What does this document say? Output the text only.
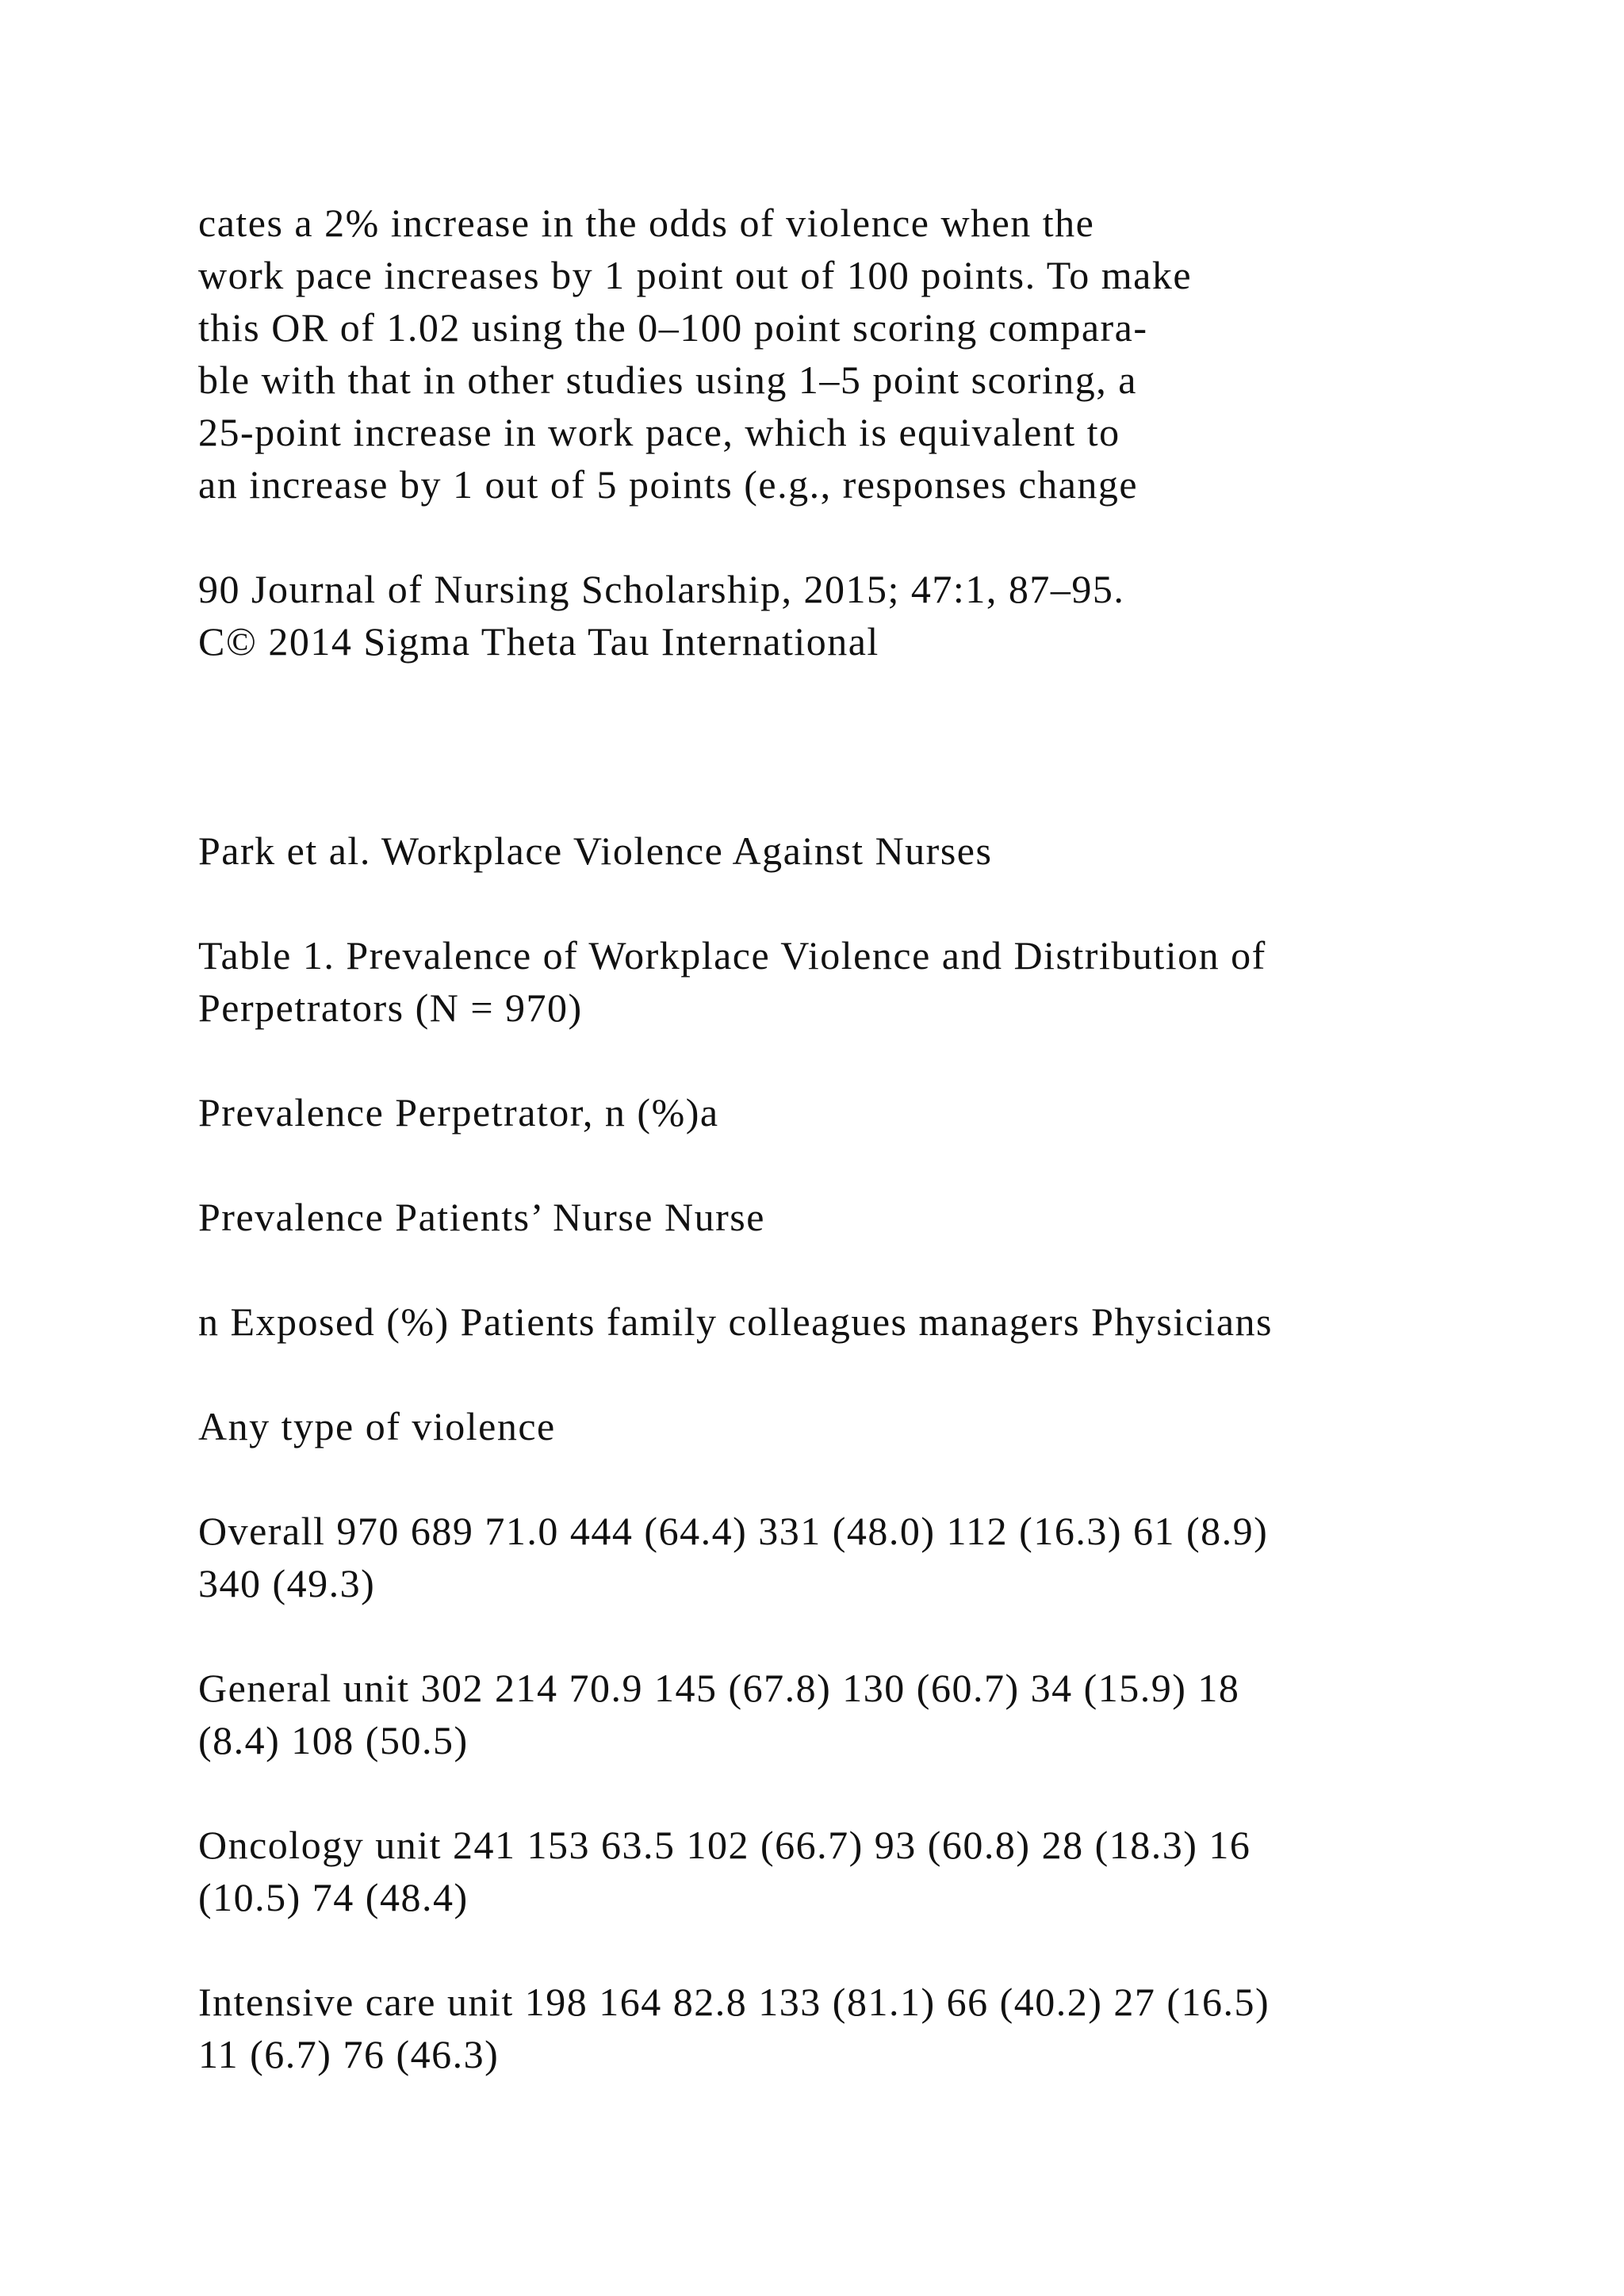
cates a 2% increase in the odds of violence when the

work pace increases by 1 point out of 100 points. To make

this OR of 1.02 using the 0–100 point scoring compara-

ble with that in other studies using 1–5 point scoring, a

25-point increase in work pace, which is equivalent to

an increase by 1 out of 5 points (e.g., responses change

90 Journal of Nursing Scholarship, 2015; 47:1, 87–95.

C© 2014 Sigma Theta Tau International

Park et al. Workplace Violence Against Nurses

Table 1. Prevalence of Workplace Violence and Distribution of

Perpetrators (N = 970)

Prevalence Perpetrator, n (%)a

Prevalence Patients’ Nurse Nurse

n Exposed (%) Patients family colleagues managers Physicians

Any type of violence

Overall 970 689 71.0 444 (64.4) 331 (48.0) 112 (16.3) 61 (8.9)

340 (49.3)

General unit 302 214 70.9 145 (67.8) 130 (60.7) 34 (15.9) 18

(8.4) 108 (50.5)

Oncology unit 241 153 63.5 102 (66.7) 93 (60.8) 28 (18.3) 16

(10.5) 74 (48.4)

Intensive care unit 198 164 82.8 133 (81.1) 66 (40.2) 27 (16.5)

11 (6.7) 76 (46.3)
